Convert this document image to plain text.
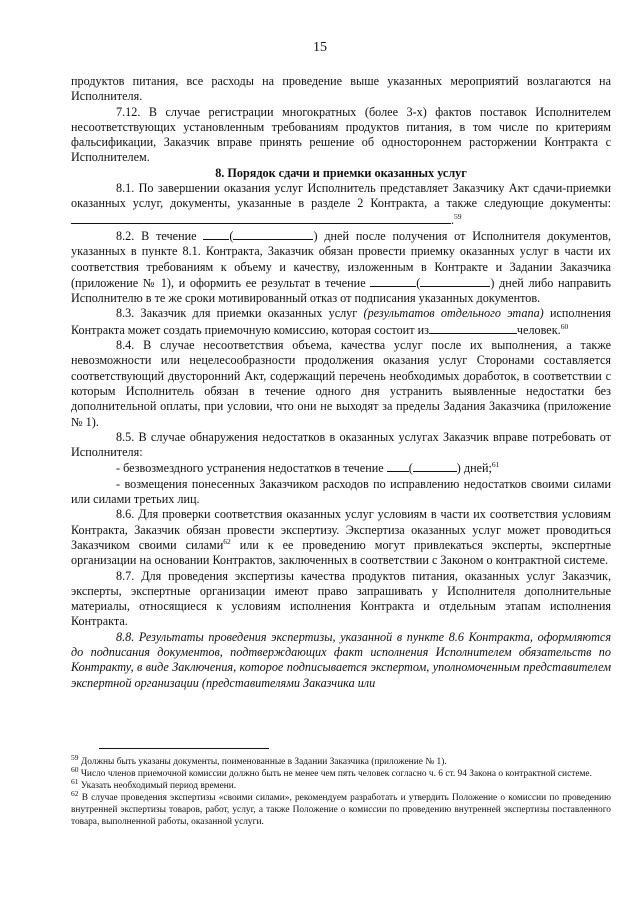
15

продуктов питания, все расходы на проведение выше указанных мероприятий возлагаются на Исполнителя.

7.12. В случае регистрации многократных (более 3-х) фактов поставок Исполнителем несоответствующих установленным требованиям продуктов питания, в том числе по критериям фальсификации, Заказчик вправе принять решение об одностороннем расторжении Контракта с Исполнителем.

8. Порядок сдачи и приемки оказанных услуг

8.1. По завершении оказания услуг Исполнитель представляет Заказчику Акт сдачи-приемки оказанных услуг, документы, указанные в разделе 2 Контракта, а также следующие документы:.$^{59}$

8.2. В течение	(	) дней после получения от Исполнителя документов, указанных в пункте 8.1. Контракта, Заказчик обязан провести приемку оказанных услуг в части их соответствия требованиям к объему и качеству, изложенным в Контракте и Задании Заказчика (приложение № 1), и оформить ее результат в течение	(	) дней либо направить Исполнителю в те же сроки мотивированный отказ от подписания указанных документов.

8.3. Заказчик для приемки оказанных услуг (результатов отдельного этапа) исполнения Контракта может создать приемочную комиссию, которая состоит из	человек.$^{60}$

8.4. В случае несоответствия объема, качества услуг после их выполнения, а также невозможности или нецелесообразности продолжения оказания услуг Сторонами составляется соответствующий двусторонний Акт, содержащий перечень необходимых доработок, в соответствии с которым Исполнитель обязан в течение одного дня устранить выявленные недостатки без дополнительной оплаты, при условии, что они не выходят за пределы Задания Заказчика (приложение № 1).

8.5. В случае обнаружения недостатков в оказанных услугах Заказчик вправе потребовать от Исполнителя:

- безвозмездного устранения недостатков в течение (	) дней;$^{61}$

- возмещения понесенных Заказчиком расходов по исправлению недостатков своими силами или силами третьих лиц.

8.6. Для проверки соответствия оказанных услуг условиям в части их соответствия условиям Контракта, Заказчик обязан провести экспертизу. Экспертиза оказанных услуг может проводиться Заказчиком своими силами$^{62}$ или к ее проведению могут привлекаться эксперты, экспертные организации на основании Контрактов, заключенных в соответствии с Законом о контрактной системе.

8.7. Для проведения экспертизы качества продуктов питания, оказанных услуг Заказчик, эксперты, экспертные организации имеют право запрашивать у Исполнителя дополнительные материалы, относящиеся к условиям исполнения Контракта и отдельным этапам исполнения Контракта.

8.8. Результаты проведения экспертизы, указанной в пункте 8.6 Контракта, оформляются до подписания документов, подтверждающих факт исполнения Исполнителем обязательств по Контракту, в виде Заключения, которое подписывается экспертом, уполномоченным представителем экспертной организации (представителями Заказчика или

$^{59}$ Должны быть указаны документы, поименованные в Задании Заказчика (приложение № 1).

$^{60}$ Число членов приемочной комиссии должно быть не менее чем пять человек согласно ч. 6 ст. 94 Закона о контрактной системе.

$^{61}$ Указать необходимый период времени.

$^{62}$ В случае проведения экспертизы «своими силами», рекомендуем разработать и утвердить Положение о комиссии по проведению внутренней экспертизы товаров, работ, услуг, а также Положение о комиссии по проведению внутренней экспертизы поставленного товара, выполненной работы, оказанной услуги.
